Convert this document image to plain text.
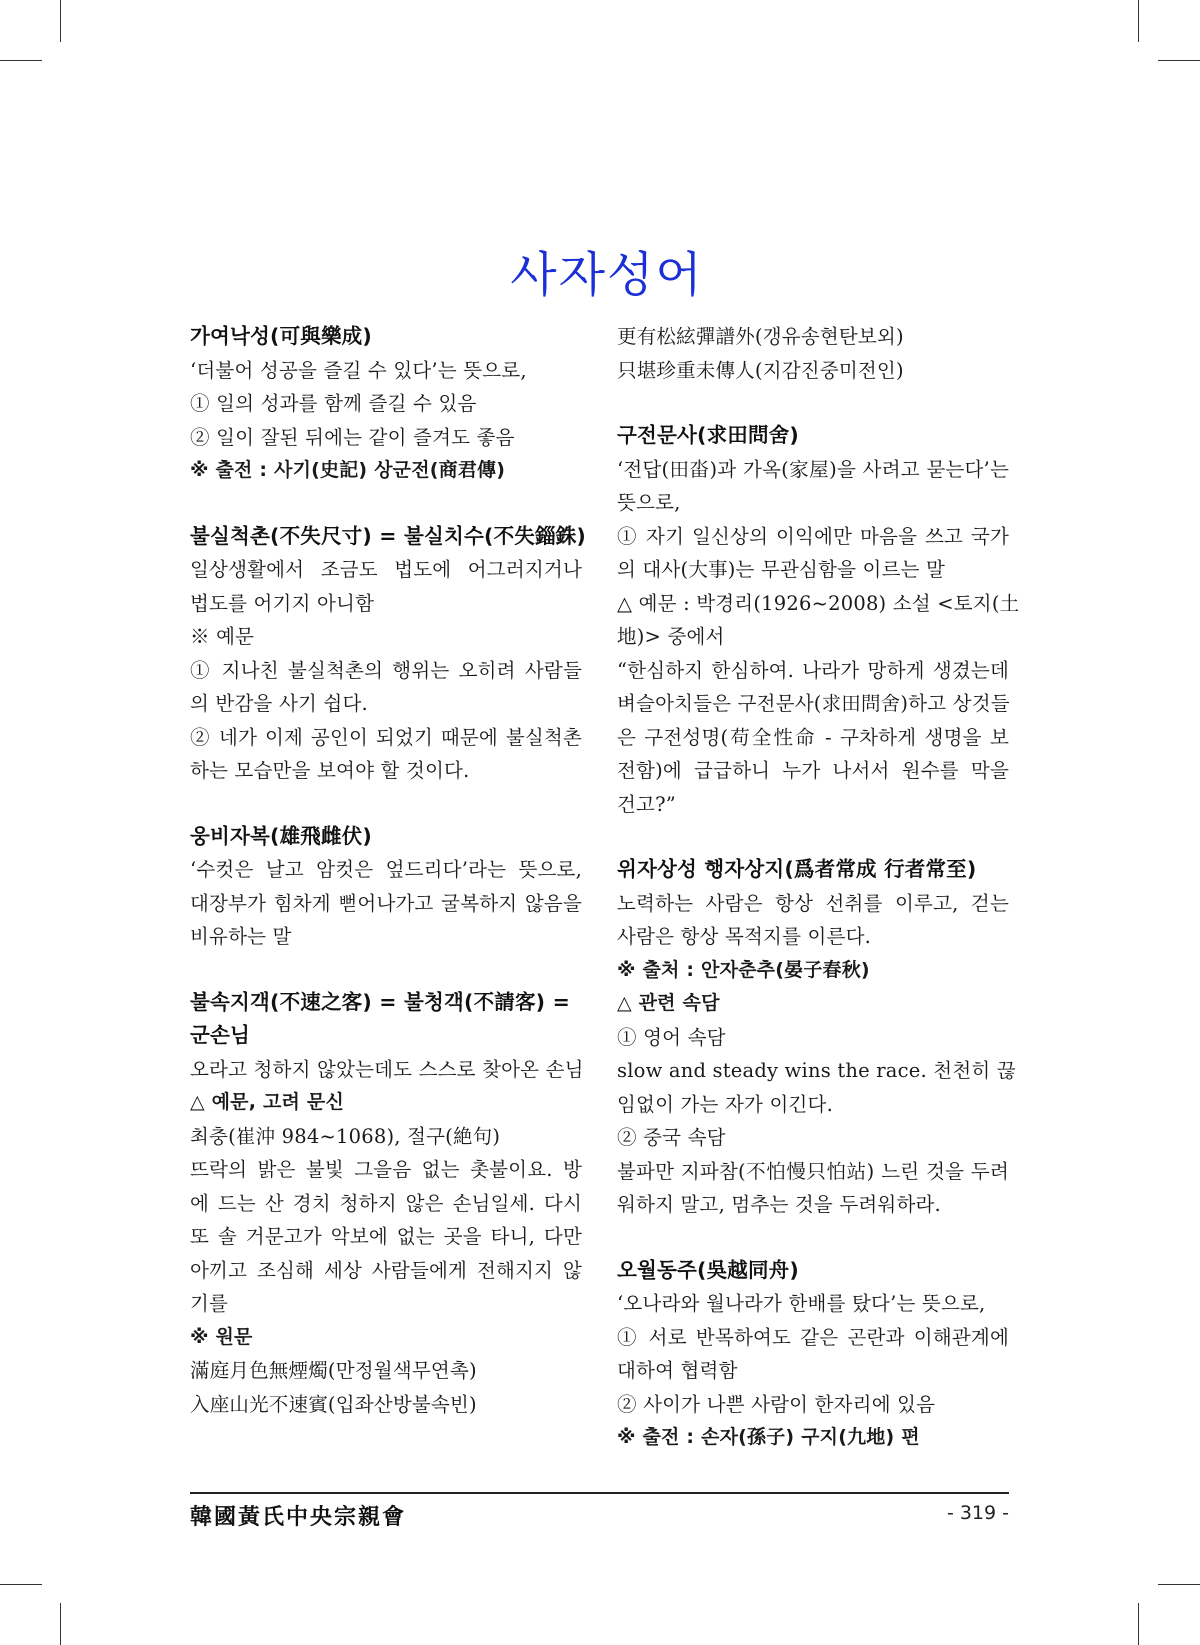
사자성어
가여낙성(可與樂成)
‘더불어 성공을 즐길 수 있다’는 뜻으로,
① 일의 성과를 함께 즐길 수 있음
② 일이 잘된 뒤에는 같이 즐겨도 좋음
※ 출전 : 사기(史記) 상군전(商君傳)
불실척촌(不失尺寸) = 불실치수(不失錙銖)
일상생활에서 조금도 법도에 어그러지거나
법도를 어기지 아니함
※ 예문
① 지나친 불실척촌의 행위는 오히려 사람들
의 반감을 사기 쉽다.
② 네가 이제 공인이 되었기 때문에 불실척촌
하는 모습만을 보여야 할 것이다.
웅비자복(雄飛雌伏)
‘수컷은 날고 암컷은 엎드리다’라는 뜻으로,
대장부가 힘차게 뻗어나가고 굴복하지 않음을
비유하는 말
불속지객(不速之客) = 불청객(不請客) =
군손님
오라고 청하지 않았는데도 스스로 찾아온 손님
△ 예문, 고려 문신
최충(崔沖 984~1068), 절구(絶句)
뜨락의 밝은 불빛 그을음 없는 촛불이요. 방
에 드는 산 경치 청하지 않은 손님일세. 다시
또 솔 거문고가 악보에 없는 곳을 타니, 다만
아끼고 조심해 세상 사람들에게 전해지지 않
기를
※ 원문
滿庭月色無煙燭(만정월색무연촉)
入座山光不速賓(입좌산방불속빈)
更有松絃彈譜外(갱유송현탄보외)
只堪珍重未傳人(지감진중미전인)
구전문사(求田問舍)
‘전답(田畓)과 가옥(家屋)을 사려고 묻는다’는
뜻으로,
① 자기 일신상의 이익에만 마음을 쓰고 국가
의 대사(大事)는 무관심함을 이르는 말
△ 예문 : 박경리(1926~2008) 소설 <토지(土
地)> 중에서
“한심하지 한심하여. 나라가 망하게 생겼는데
벼슬아치들은 구전문사(求田問舍)하고 상것들
은 구전성명(苟全性命 - 구차하게 생명을 보
전함)에 급급하니 누가 나서서 원수를 막을
건고?”
위자상성 행자상지(爲者常成 行者常至)
노력하는 사람은 항상 선취를 이루고, 걷는
사람은 항상 목적지를 이른다.
※ 출처 : 안자춘추(晏子春秋)
△ 관련 속담
① 영어 속담
slow and steady wins the race. 천천히 끊
임없이 가는 자가 이긴다.
② 중국 속담
불파만 지파참(不怕慢只怕站) 느린 것을 두려
워하지 말고, 멈추는 것을 두려워하라.
오월동주(吳越同舟)
‘오나라와 월나라가 한배를 탔다’는 뜻으로,
① 서로 반목하여도 같은 곤란과 이해관계에
대하여 협력함
② 사이가 나쁜 사람이 한자리에 있음
※ 출전 : 손자(孫子) 구지(九地) 편
韓國黃氏中央宗親會	- 319 -
